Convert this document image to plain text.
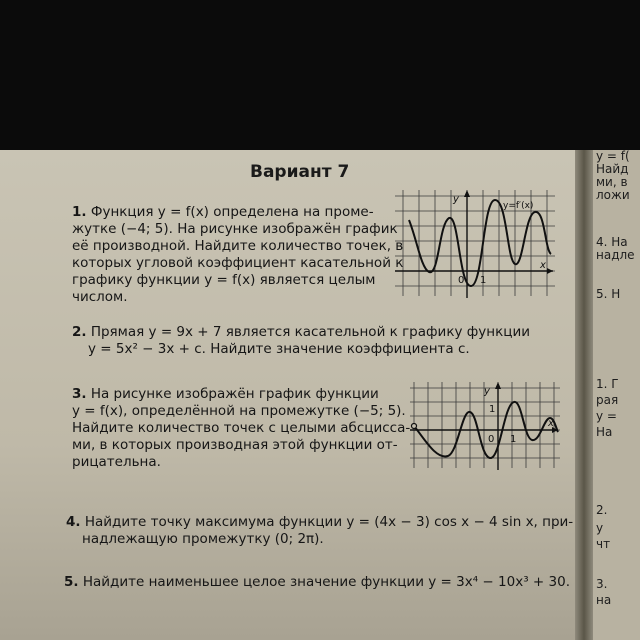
Вариант 7
1. Функция y = f(x) определена на проме-
жутке (−4; 5). На рисунке изображён график
её производной. Найдите количество точек, в
которых угловой коэффициент касательной к
графику функции y = f(x) является целым
числом.
y
x
y=f′(x)
0 1
2. Прямая y = 9x + 7 является касательной к графику функции
y = 5x² − 3x + c. Найдите значение коэффициента c.
3. На рисунке изображён график функции
y = f(x), определённой на промежутке (−5; 5).
Найдите количество точек с целыми абсцисса-
ми, в которых производная этой функции от-
рицательна.
y
x
0 1
1
4. Найдите точку максимума функции y = (4x − 3) cos x − 4 sin x, при-
надлежащую промежутку (0; 2π).
5. Найдите наименьшее целое значение функции y = 3x⁴ − 10x³ + 30.
y = f(
Найд
ми, в
ложи
4. На
надле
5. Н
1. Г
рая
y =
На
2.
y
чт
3.
на
